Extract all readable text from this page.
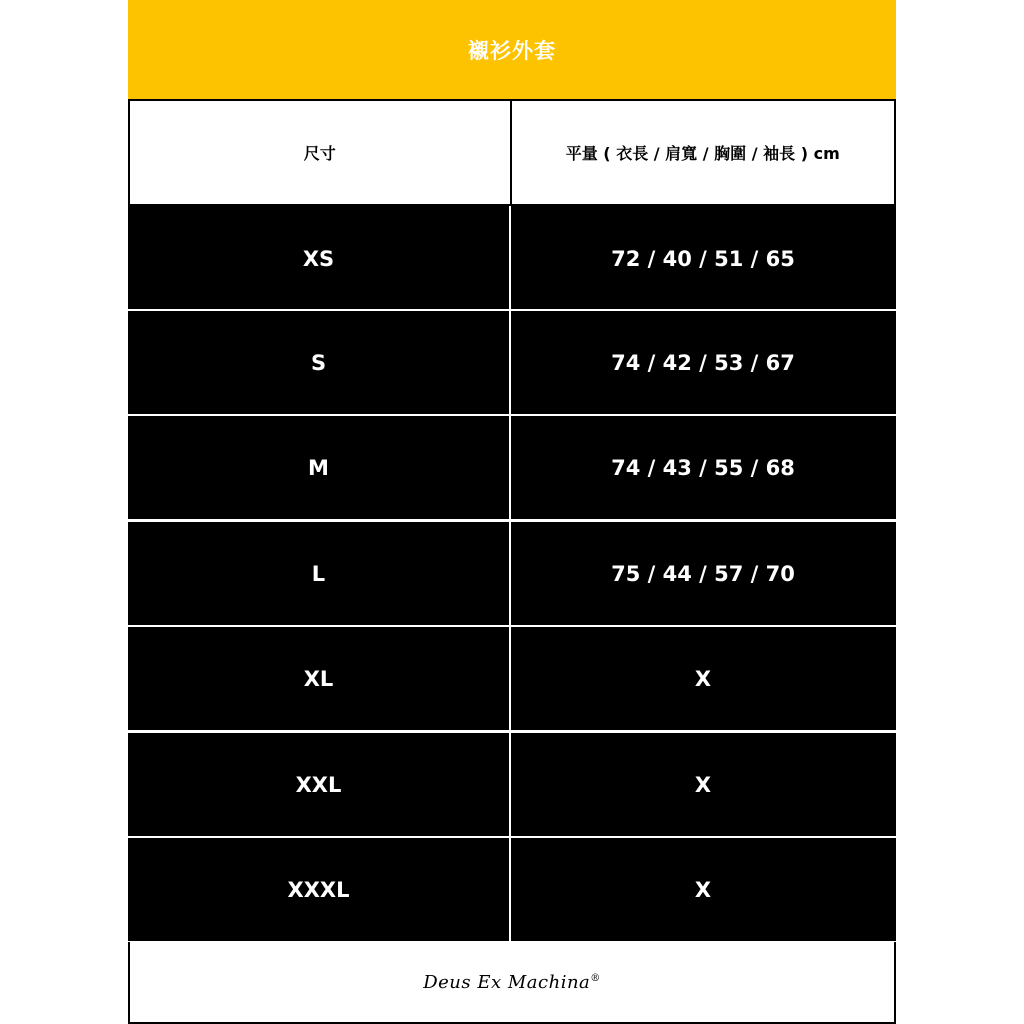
襯衫外套
尺寸	平量 ( 衣長 / 肩寬 / 胸圍 / 袖長 ) cm
XS	72 / 40 / 51 / 65
S	74 / 42 / 53 / 67
M	74 / 43 / 55 / 68
L	75 / 44 / 57 / 70
XL	X
XXL	X
XXXL	X
Deus Ex Machina®
